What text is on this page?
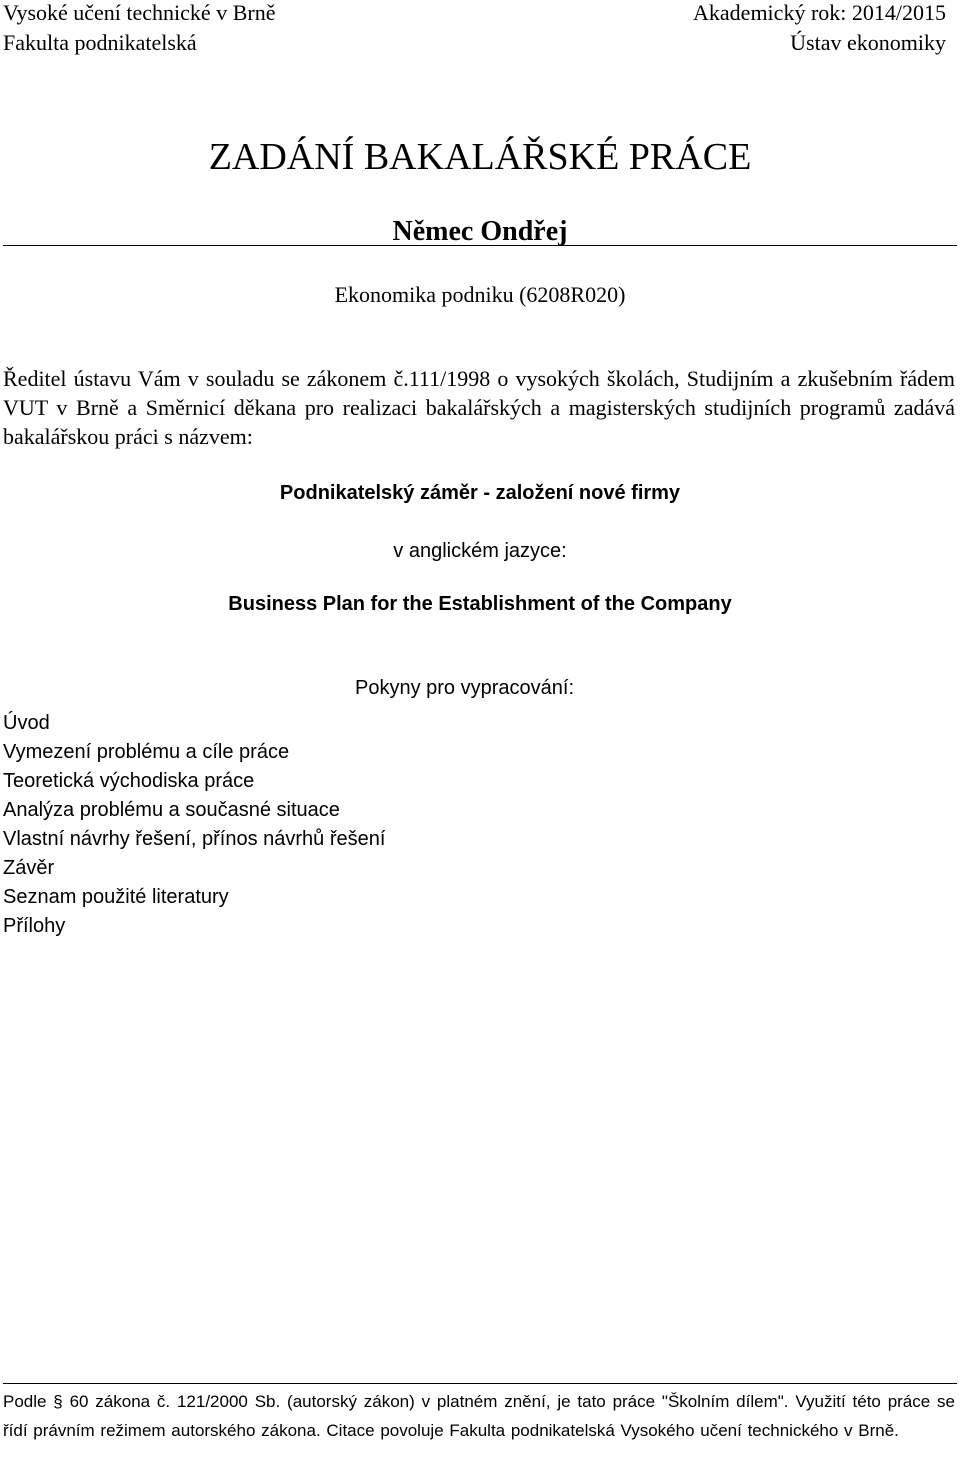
Vysoké učení technické v Brně
Fakulta podnikatelská
Akademický rok: 2014/2015
Ústav ekonomiky
ZADÁNÍ BAKALÁŘSKÉ PRÁCE
Němec Ondřej
Ekonomika podniku (6208R020)
Ředitel ústavu Vám v souladu se zákonem č.111/1998 o vysokých školách, Studijním a zkušebním řádem VUT v Brně a Směrnicí děkana pro realizaci bakalářských a magisterských studijních programů zadává bakalářskou práci s názvem:
Podnikatelský záměr - založení nové firmy
v anglickém jazyce:
Business Plan for the Establishment of the Company
Pokyny pro vypracování:
Úvod
Vymezení problému a cíle práce
Teoretická východiska práce
Analýza problému a současné situace
Vlastní návrhy řešení, přínos návrhů řešení
Závěr
Seznam použité literatury
Přílohy
Podle § 60 zákona č. 121/2000 Sb. (autorský zákon) v platném znění, je tato práce "Školním dílem". Využití této práce se řídí právním režimem autorského zákona. Citace povoluje Fakulta podnikatelská Vysokého učení technického v Brně.
